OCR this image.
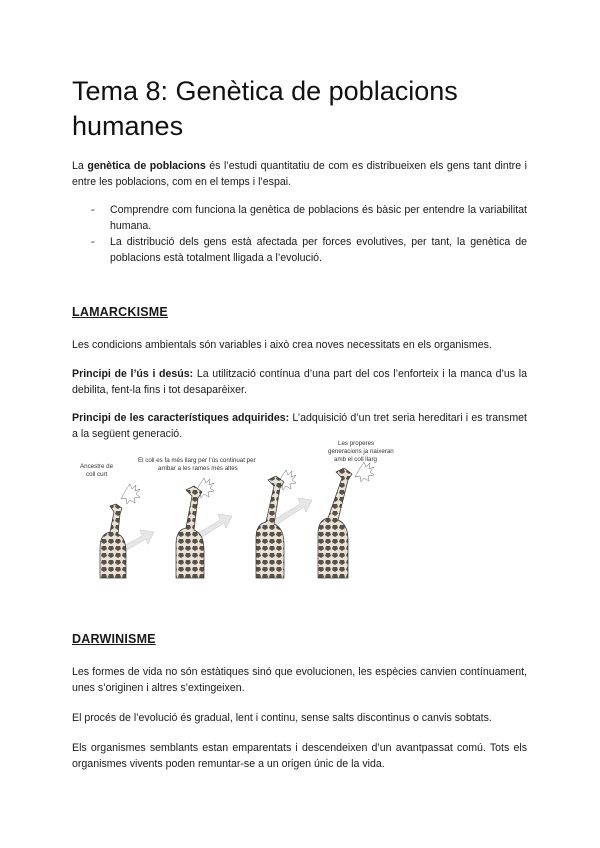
Tema 8: Genètica de poblacions humanes

La genètica de poblacions és l’estudi quantitatiu de com es distribueixen els gens tant dintre i entre les poblacions, com en el temps i l’espai.

- Comprendre com funciona la genètica de poblacions és bàsic per entendre la variabilitat humana.
- La distribució dels gens està afectada per forces evolutives, per tant, la genètica de poblacions està totalment lligada a l’evolució.
LAMARCKISME

Les condicions ambientals són variables i això crea noves necessitats en els organismes.

Principi de l’ús i desús: La utilització contínua d’una part del cos l’enforteix i la manca d’us la debilita, fent-la fins i tot desaparèixer.

Principi de les característiques adquirides: L’adquisició d’un tret seria hereditari i es transmet a la següent generació.

Ancestre de
coll curt
El coll es fa més llarg per l’ús continuat per
arribar a les rames més altes
Les properes
generacions ja naixeran
amb el coll llarg
DARWINISME

Les formes de vida no són estàtiques sinó que evolucionen, les espècies canvien contínuament, unes s’originen i altres s’extingeixen.

El procés de l’evolució és gradual, lent i continu, sense salts discontinus o canvis sobtats.

Els organismes semblants estan emparentats i descendeixen d’un avantpassat comú. Tots els organismes vivents poden remuntar-se a un origen únic de la vida.
